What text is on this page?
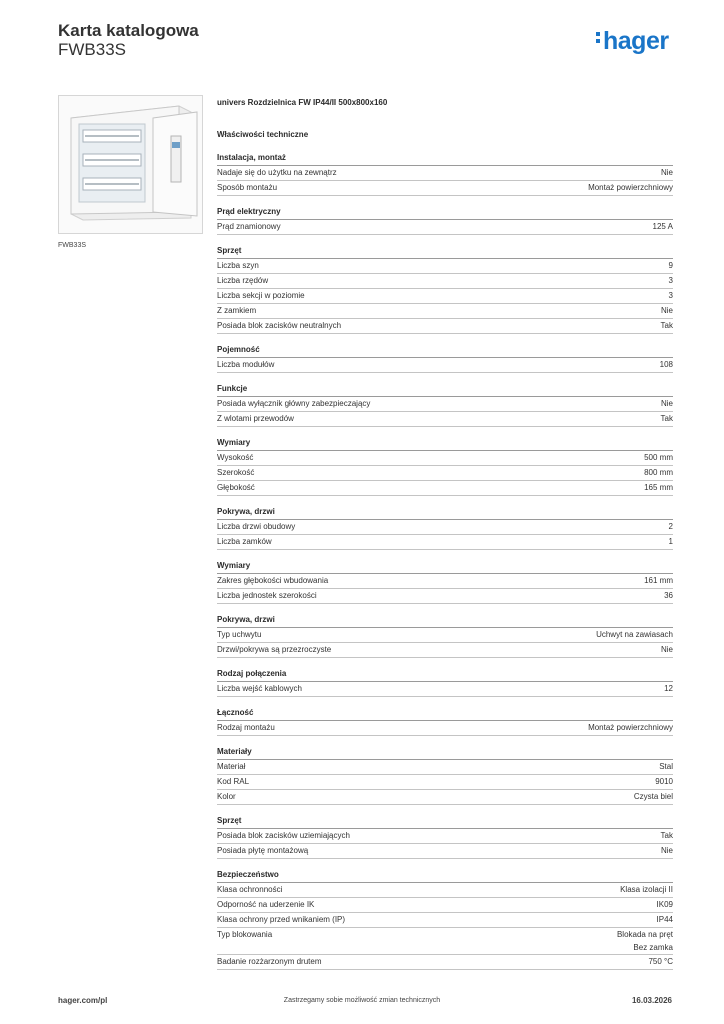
Karta katalogowa
FWB33S	hager
FWB33S
univers Rozdzielnica FW IP44/II 500x800x160
Właściwości techniczne
Instalacja, montaż
Nadaje się do użytku na zewnątrz	Nie
Sposób montażu	Montaż powierzchniowy
Prąd elektryczny
Prąd znamionowy	125 A
Sprzęt
Liczba szyn	9
Liczba rzędów	3
Liczba sekcji w poziomie	3
Z zamkiem	Nie
Posiada blok zacisków neutralnych	Tak
Pojemność
Liczba modułów	108
Funkcje
Posiada wyłącznik główny zabezpieczający	Nie
Z wlotami przewodów	Tak
Wymiary
Wysokość	500 mm
Szerokość	800 mm
Głębokość	165 mm
Pokrywa, drzwi
Liczba drzwi obudowy	2
Liczba zamków	1
Wymiary
Zakres głębokości wbudowania	161 mm
Liczba jednostek szerokości	36
Pokrywa, drzwi
Typ uchwytu	Uchwyt na zawiasach
Drzwi/pokrywa są przezroczyste	Nie
Rodzaj połączenia
Liczba wejść kablowych	12
Łączność
Rodzaj montażu	Montaż powierzchniowy
Materiały
Materiał	Stal
Kod RAL	9010
Kolor	Czysta biel
Sprzęt
Posiada blok zacisków uziemiających	Tak
Posiada płytę montażową	Nie
Bezpieczeństwo
Klasa ochronności	Klasa izolacji II
Odporność na uderzenie IK	IK09
Klasa ochrony przed wnikaniem (IP)	IP44
Typ blokowania	Blokada na pręt
Bez zamka
Badanie rozżarzonym drutem	750 °C
hager.com/pl	Zastrzegamy sobie możliwość zmian technicznych	16.03.2026
